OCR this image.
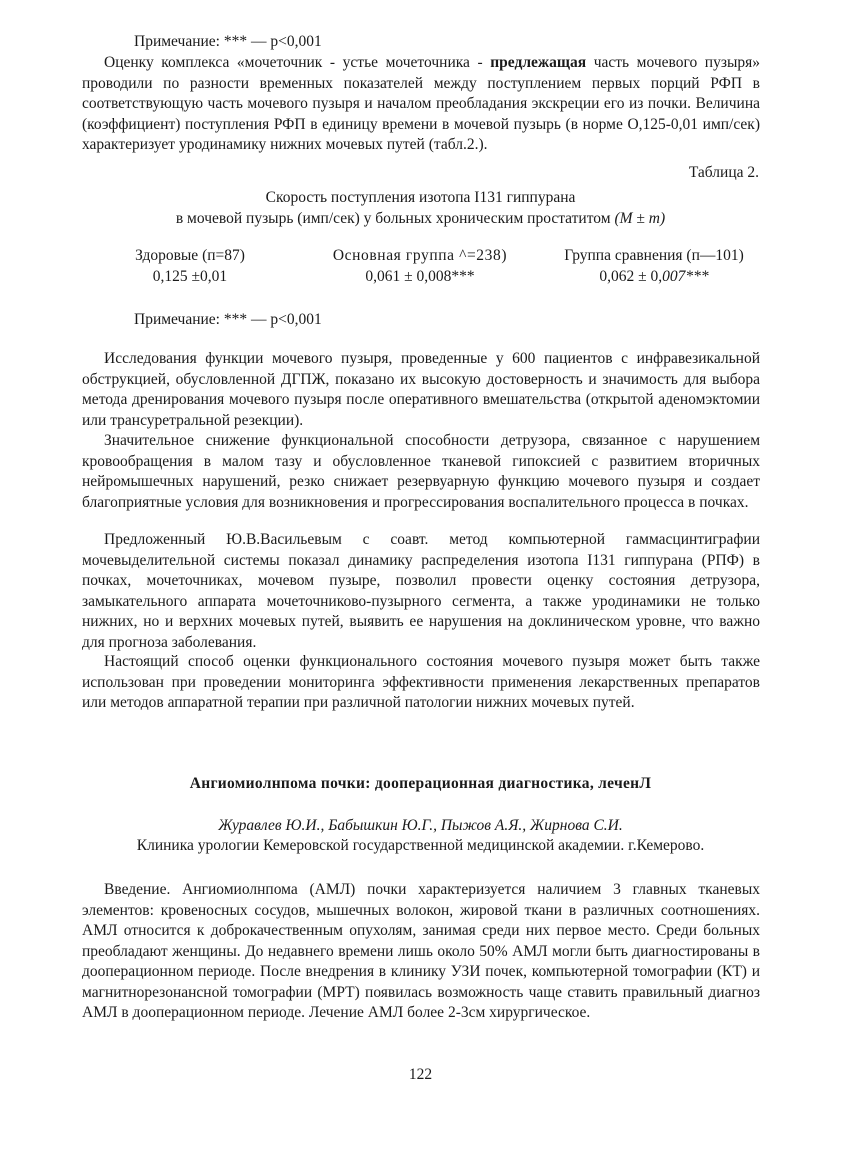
Примечание: *** — р<0,001
Оценку комплекса «мочеточник - устье мочеточника - предлежащая часть мочевого пузыря» проводили по разности временных показателей между поступлением первых порций РФП в соответствующую часть мочевого пузыря и началом преобладания экскреции его из почки. Величина (коэффициент) поступления РФП в единицу времени в мочевой пузырь (в норме О,125-0,01 имп/сек) характеризует уродинамику нижних мочевых путей (табл.2.).
Таблица 2.
Скорость поступления изотопа I131 гиппурана
в мочевой пузырь (имп/сек) у больных хроническим простатитом (М ± m)
Здоровые (п=87)
0,125 ±0,01
Основная группа ^=238)
0,061 ± 0,008***
Группа сравнения (п—101)
0,062 ± 0,007***
Примечание: *** — р<0,001
Исследования функции мочевого пузыря, проведенные у 600 пациентов с инфравезикальной обструкцией, обусловленной ДГПЖ, показано их высокую достоверность и значимость для выбора метода дренирования мочевого пузыря после оперативного вмешательства (открытой аденомэктомии или трансуретральной резекции).
Значительное снижение функциональной способности детрузора, связанное с нарушением кровообращения в малом тазу и обусловленное тканевой гипоксией с развитием вторичных нейромышечных нарушений, резко снижает резервуарную функцию мочевого пузыря и создает благоприятные условия для возникновения и прогрессирования воспалительного процесса в почках.
Предложенный Ю.В.Васильевым с соавт. метод компьютерной гаммасцинтиграфии мочевыделительной системы показал динамику распределения изотопа I131 гиппурана (РПФ) в почках, мочеточниках, мочевом пузыре, позволил провести оценку состояния детрузора, замыкательного аппарата мочеточниково-пузырного сегмента, а также уродинамики не только нижних, но и верхних мочевых путей, выявить ее нарушения на доклиническом уровне, что важно для прогноза заболевания.
Настоящий способ оценки функционального состояния мочевого пузыря может быть также использован при проведении мониторинга эффективности применения лекарственных препаратов или методов аппаратной терапии при различной патологии нижних мочевых путей.
Ангиомиолнпома почки: дооперационная диагностика, леченЛ
Журавлев Ю.И., Бабышкин Ю.Г., Пыжов А.Я., Жирнова С.И.
Клиника урологии Кемеровской государственной медицинской академии. г.Кемерово.
Введение. Ангиомиолнпома (АМЛ) почки характеризуется наличием 3 главных тканевых элементов: кровеносных сосудов, мышечных волокон, жировой ткани в различных соотношениях. АМЛ относится к доброкачественным опухолям, занимая среди них первое место. Среди больных преобладают женщины. До недавнего времени лишь около 50% АМЛ могли быть диагностированы в дооперационном периоде. После внедрения в клинику УЗИ почек, компьютерной томографии (КТ) и магнитнорезонансной томографии (МРТ) появилась возможность чаще ставить правильный диагноз АМЛ в дооперационном периоде. Лечение АМЛ более 2-3см хирургическое.
122
